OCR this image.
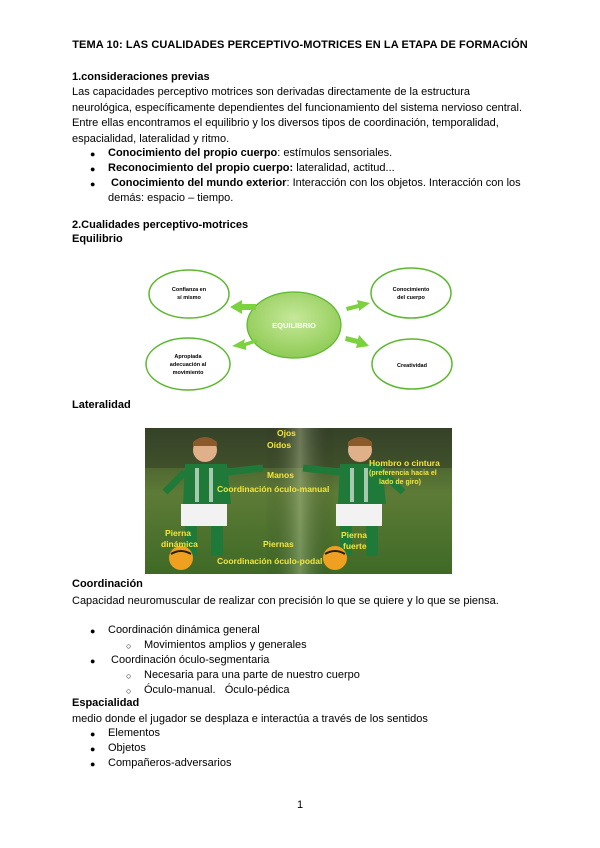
TEMA 10: LAS CUALIDADES PERCEPTIVO-MOTRICES EN LA ETAPA DE FORMACIÓN
1.consideraciones previas
Las capacidades perceptivo motrices son derivadas directamente de la estructura
neurológica, específicamente dependientes del funcionamiento del sistema nervioso central.
Entre ellas encontramos el equilibrio y los diversos tipos de coordinación, temporalidad,
espacialidad, lateralidad y ritmo.
● Conocimiento del propio cuerpo: estímulos sensoriales.
● Reconocimiento del propio cuerpo: lateralidad, actitud...
● Conocimiento del mundo exterior: Interacción con los objetos. Interacción con los
demás: espacio – tiempo.
2.Cualidades perceptivo-motrices
Equilibrio
EQUILIBRIO
Confianza en
sí mismo
Apropiada
adecuación al
movimiento
Conocimiento
del cuerpo
Creatividad
Lateralidad
Ojos
Oídos
Manos
Coordinación óculo-manual
Hombro o cintura
(preferencia hacia el
lado de giro)
Pierna
dinámica	Piernas
Pierna
fuerte
Coordinación óculo-podal
Coordinación
Capacidad neuromuscular de realizar con precisión lo que se quiere y lo que se piensa.
● Coordinación dinámica general
○ Movimientos amplios y generales
● Coordinación óculo-segmentaria
○ Necesaria para una parte de nuestro cuerpo
○ Óculo-manual.   Óculo-pédica
Espacialidad
medio donde el jugador se desplaza e interactúa a través de los sentidos
● Elementos
● Objetos
● Compañeros-adversarios
1
